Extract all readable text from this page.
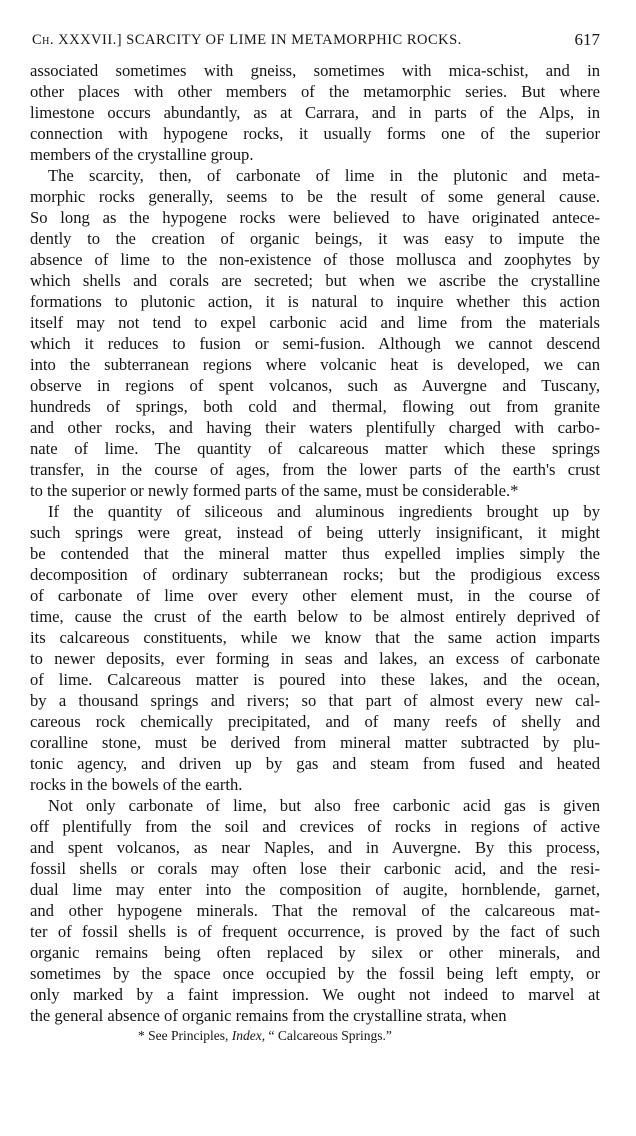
Ch. XXXVII.] SCARCITY OF LIME IN METAMORPHIC ROCKS.	617
associated sometimes with gneiss, sometimes with mica-schist, and in
other places with other members of the metamorphic series. But where
limestone occurs abundantly, as at Carrara, and in parts of the Alps, in
connection with hypogene rocks, it usually forms one of the superior
members of the crystalline group.
The scarcity, then, of carbonate of lime in the plutonic and meta-
morphic rocks generally, seems to be the result of some general cause.
So long as the hypogene rocks were believed to have originated antece-
dently to the creation of organic beings, it was easy to impute the
absence of lime to the non-existence of those mollusca and zoophytes by
which shells and corals are secreted; but when we ascribe the crystalline
formations to plutonic action, it is natural to inquire whether this action
itself may not tend to expel carbonic acid and lime from the materials
which it reduces to fusion or semi-fusion. Although we cannot descend
into the subterranean regions where volcanic heat is developed, we can
observe in regions of spent volcanos, such as Auvergne and Tuscany,
hundreds of springs, both cold and thermal, flowing out from granite
and other rocks, and having their waters plentifully charged with carbo-
nate of lime. The quantity of calcareous matter which these springs
transfer, in the course of ages, from the lower parts of the earth's crust
to the superior or newly formed parts of the same, must be considerable.*
If the quantity of siliceous and aluminous ingredients brought up by
such springs were great, instead of being utterly insignificant, it might
be contended that the mineral matter thus expelled implies simply the
decomposition of ordinary subterranean rocks; but the prodigious excess
of carbonate of lime over every other element must, in the course of
time, cause the crust of the earth below to be almost entirely deprived of
its calcareous constituents, while we know that the same action imparts
to newer deposits, ever forming in seas and lakes, an excess of carbonate
of lime. Calcareous matter is poured into these lakes, and the ocean,
by a thousand springs and rivers; so that part of almost every new cal-
careous rock chemically precipitated, and of many reefs of shelly and
coralline stone, must be derived from mineral matter subtracted by plu-
tonic agency, and driven up by gas and steam from fused and heated
rocks in the bowels of the earth.
Not only carbonate of lime, but also free carbonic acid gas is given
off plentifully from the soil and crevices of rocks in regions of active
and spent volcanos, as near Naples, and in Auvergne. By this process,
fossil shells or corals may often lose their carbonic acid, and the resi-
dual lime may enter into the composition of augite, hornblende, garnet,
and other hypogene minerals. That the removal of the calcareous mat-
ter of fossil shells is of frequent occurrence, is proved by the fact of such
organic remains being often replaced by silex or other minerals, and
sometimes by the space once occupied by the fossil being left empty, or
only marked by a faint impression. We ought not indeed to marvel at
the general absence of organic remains from the crystalline strata, when
* See Principles, Index, “ Calcareous Springs.”
